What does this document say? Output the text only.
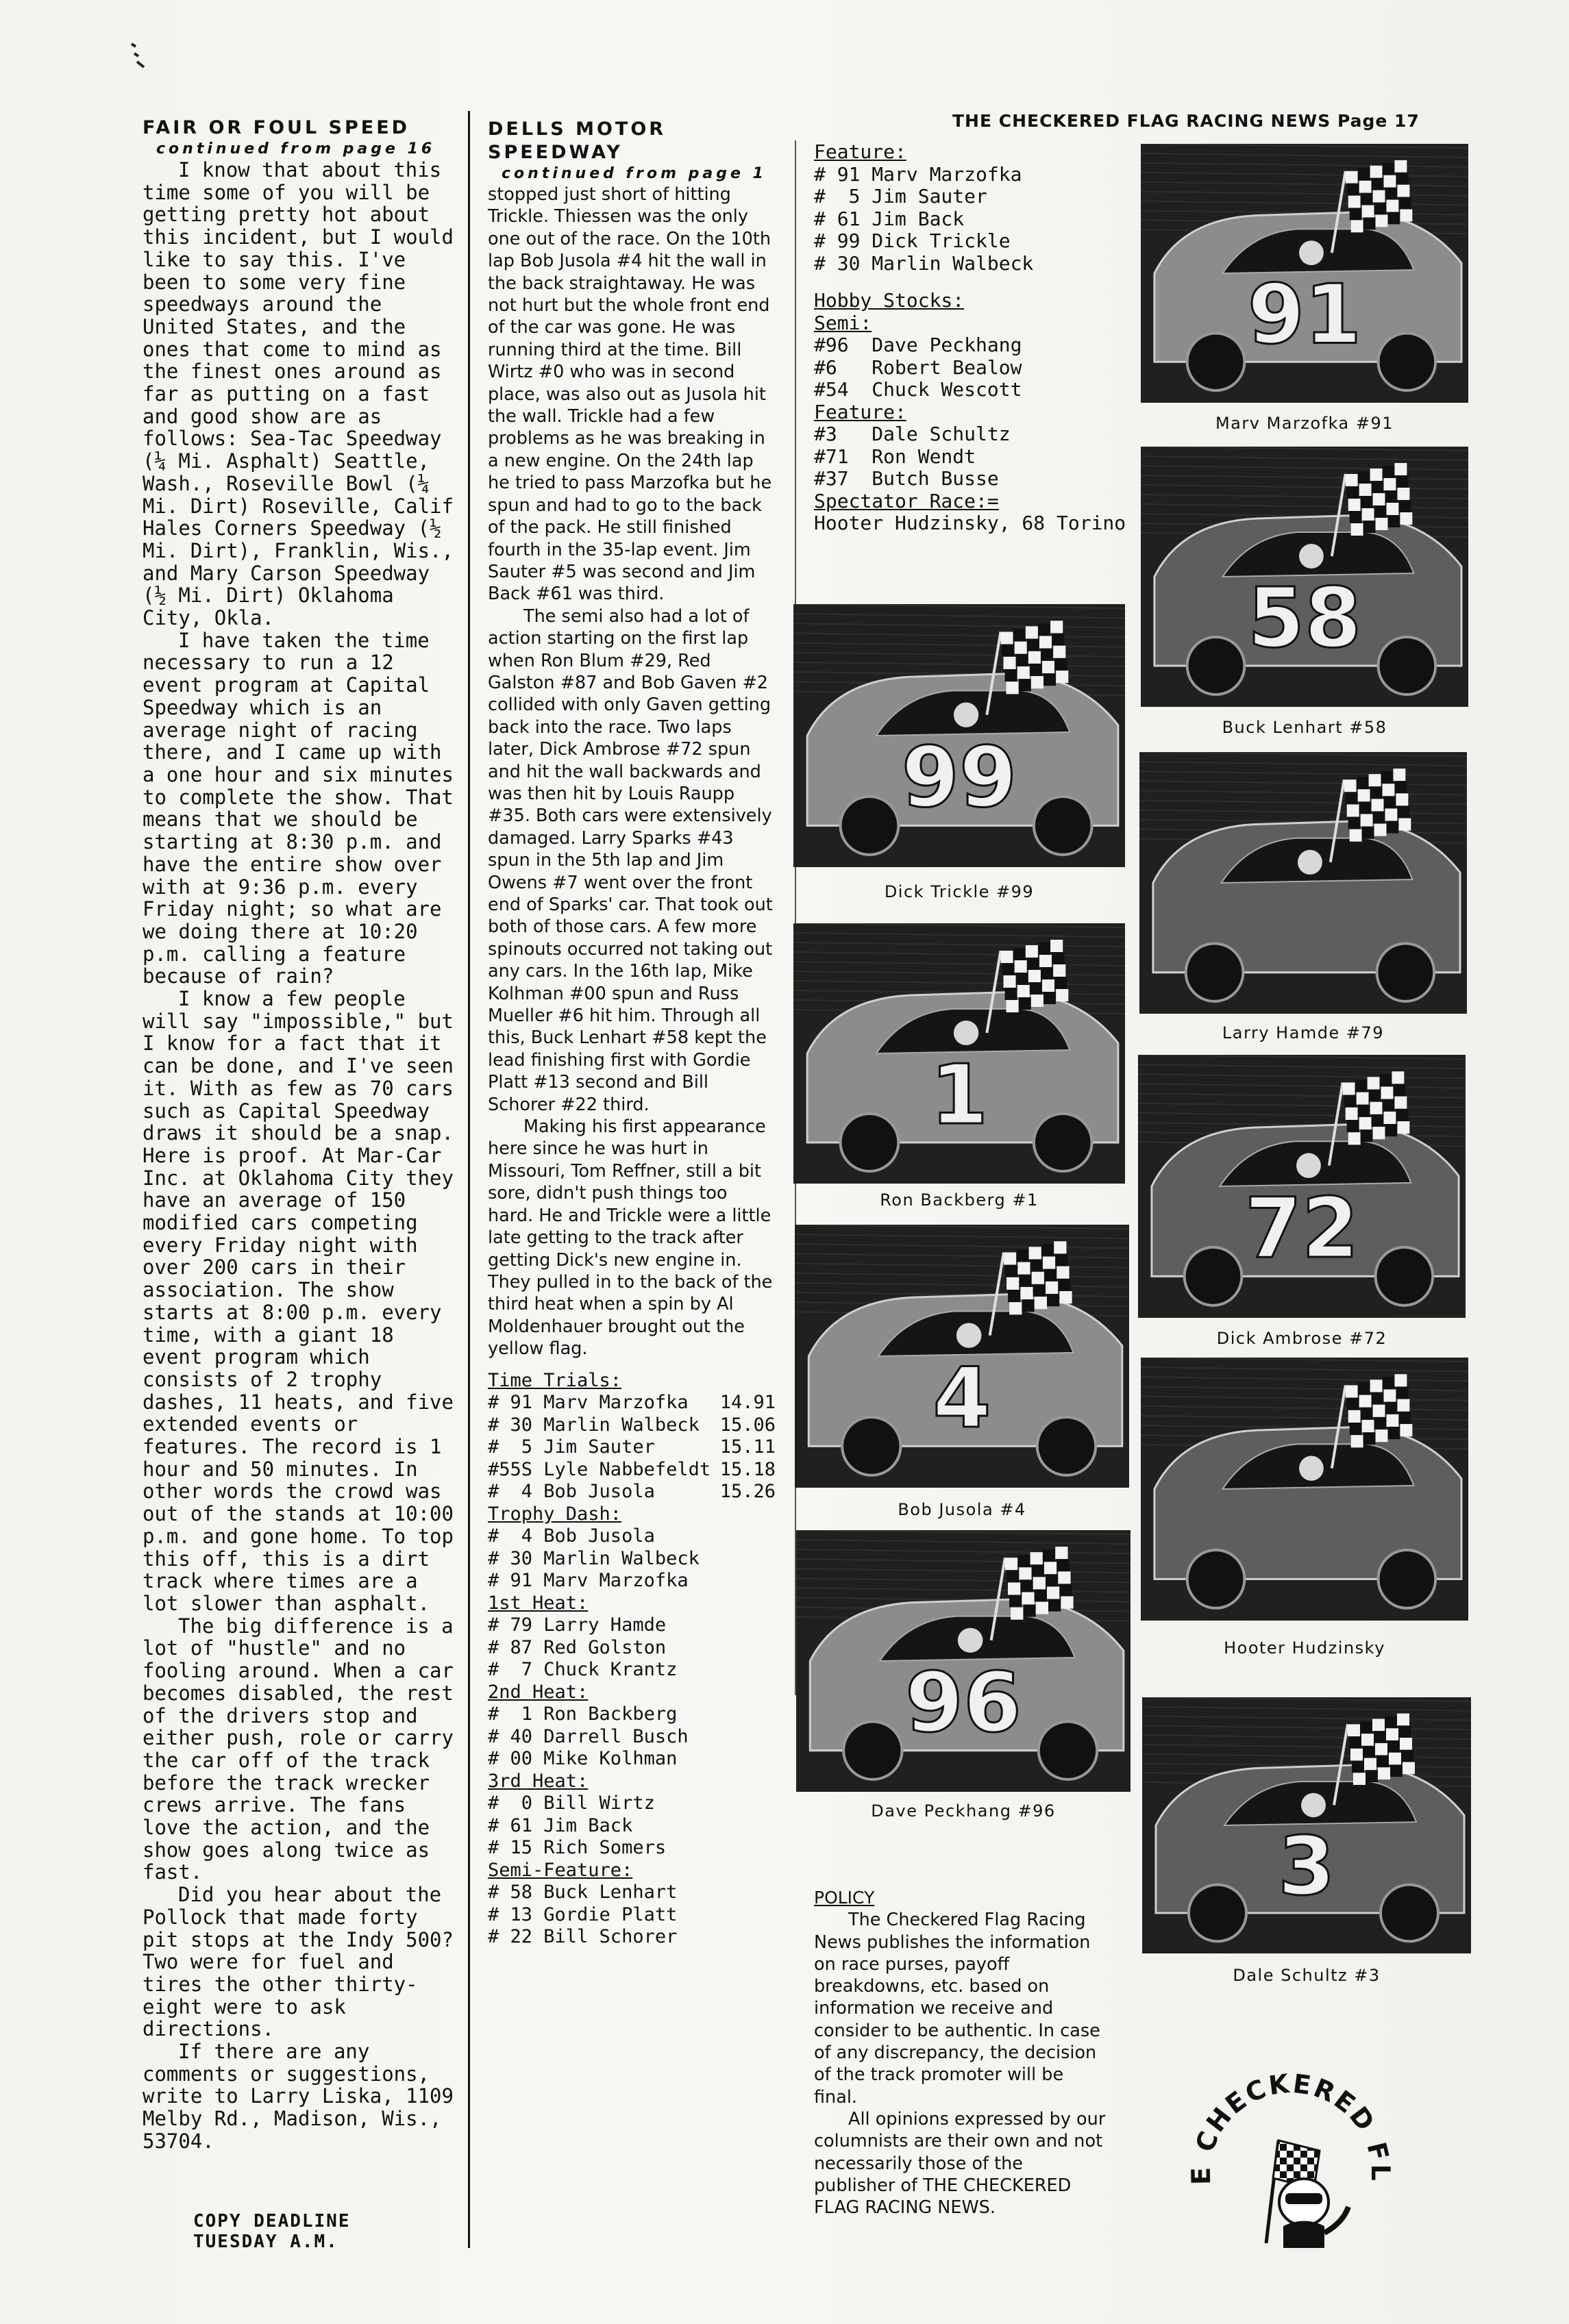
THE CHECKERED FLAG RACING NEWS Page 17
FAIR OR FOUL SPEED
continued from page 16

I know that about this time some of you will be getting pretty hot about this incident, but I would like to say this. I've been to some very fine speedways around the United States, and the ones that come to mind as the finest ones around as far as putting on a fast and good show are as follows: Sea-Tac Speedway (¼ Mi. Asphalt) Seattle, Wash., Roseville Bowl (¼ Mi. Dirt) Roseville, Calif Hales Corners Speedway (½ Mi. Dirt), Franklin, Wis., and Mary Carson Speedway (½ Mi. Dirt) Oklahoma City, Okla.

I have taken the time necessary to run a 12 event program at Capital Speedway which is an average night of racing there, and I came up with a one hour and six minutes to complete the show. That means that we should be starting at 8:30 p.m. and have the entire show over with at 9:36 p.m. every Friday night; so what are we doing there at 10:20 p.m. calling a feature because of rain?

I know a few people will say "impossible," but I know for a fact that it can be done, and I've seen it. With as few as 70 cars such as Capital Speedway draws it should be a snap. Here is proof. At Mar-Car Inc. at Oklahoma City they have an average of 150 modified cars competing every Friday night with over 200 cars in their association. The show starts at 8:00 p.m. every time, with a giant 18 event program which consists of 2 trophy dashes, 11 heats, and five extended events or features. The record is 1 hour and 50 minutes. In other words the crowd was out of the stands at 10:00 p.m. and gone home. To top this off, this is a dirt track where times are a lot slower than asphalt.

The big difference is a lot of "hustle" and no fooling around. When a car becomes disabled, the rest of the drivers stop and either push, role or carry the car off of the track before the track wrecker crews arrive. The fans love the action, and the show goes along twice as fast.

Did you hear about the Pollock that made forty pit stops at the Indy 500? Two were for fuel and tires the other thirty-eight were to ask directions.

If there are any comments or suggestions, write to Larry Liska, 1109 Melby Rd., Madison, Wis., 53704.

COPY DEADLINE
TUESDAY A.M.
DELLS MOTOR SPEEDWAY
continued from page 1

stopped just short of hitting Trickle. Thiessen was the only one out of the race. On the 10th lap Bob Jusola #4 hit the wall in the back straightaway. He was not hurt but the whole front end of the car was gone. He was running third at the time. Bill Wirtz #0 who was in second place, was also out as Jusola hit the wall. Trickle had a few problems as he was breaking in a new engine. On the 24th lap he tried to pass Marzofka but he spun and had to go to the back of the pack. He still finished fourth in the 35-lap event. Jim Sauter #5 was second and Jim Back #61 was third.

The semi also had a lot of action starting on the first lap when Ron Blum #29, Red Galston #87 and Bob Gaven #2 collided with only Gaven getting back into the race. Two laps later, Dick Ambrose #72 spun and hit the wall backwards and was then hit by Louis Raupp #35. Both cars were extensively damaged. Larry Sparks #43 spun in the 5th lap and Jim Owens #7 went over the front end of Sparks' car. That took out both of those cars. A few more spinouts occurred not taking out any cars. In the 16th lap, Mike Kolhman #00 spun and Russ Mueller #6 hit him. Through all this, Buck Lenhart #58 kept the lead finishing first with Gordie Platt #13 second and Bill Schorer #22 third.

Making his first appearance here since he was hurt in Missouri, Tom Reffner, still a bit sore, didn't push things too hard. He and Trickle were a little late getting to the track after getting Dick's new engine in. They pulled in to the back of the third heat when a spin by Al Moldenhauer brought out the yellow flag.

Time Trials:
# 91 Marv Marzofka	14.91
# 30 Marlin Walbeck	15.06
#  5 Jim Sauter	15.11
#55S Lyle Nabbefeldt 15.18
#  4 Bob Jusola	15.26
Trophy Dash:
#  4 Bob Jusola
# 30 Marlin Walbeck
# 91 Marv Marzofka
1st Heat:
# 79 Larry Hamde
# 87 Red Golston
#  7 Chuck Krantz
2nd Heat:
#  1 Ron Backberg
# 40 Darrell Busch
# 00 Mike Kolhman
3rd Heat:
#  0 Bill Wirtz
# 61 Jim Back
# 15 Rich Somers
Semi-Feature:
# 58 Buck Lenhart
# 13 Gordie Platt
# 22 Bill Schorer
Feature:
# 91 Marv Marzofka
#  5 Jim Sauter
# 61 Jim Back
# 99 Dick Trickle
# 30 Marlin Walbeck
Hobby Stocks:
Semi:
#96  Dave Peckhang
#6   Robert Bealow
#54  Chuck Wescott
Feature:
#3   Dale Schultz
#71  Ron Wendt
#37  Butch Busse
Spectator Race:=
Hooter Hudzinsky, 68 Torino
91
Marv Marzofka #91
58
Buck Lenhart #58
Larry Hamde #79
72
Dick Ambrose #72
Hooter Hudzinsky
3
Dale Schultz #3
99
Dick Trickle #99
1
Ron Backberg #1
4
Bob Jusola #4
96
Dave Peckhang #96
POLICY

The Checkered Flag Racing News publishes the information on race purses, payoff breakdowns, etc. based on information we receive and consider to be authentic. In case of any discrepancy, the decision of the track promoter will be final.

All opinions expressed by our columnists are their own and not necessarily those of the publisher of THE CHECKERED FLAG RACING NEWS.

E CHECKERED FL
